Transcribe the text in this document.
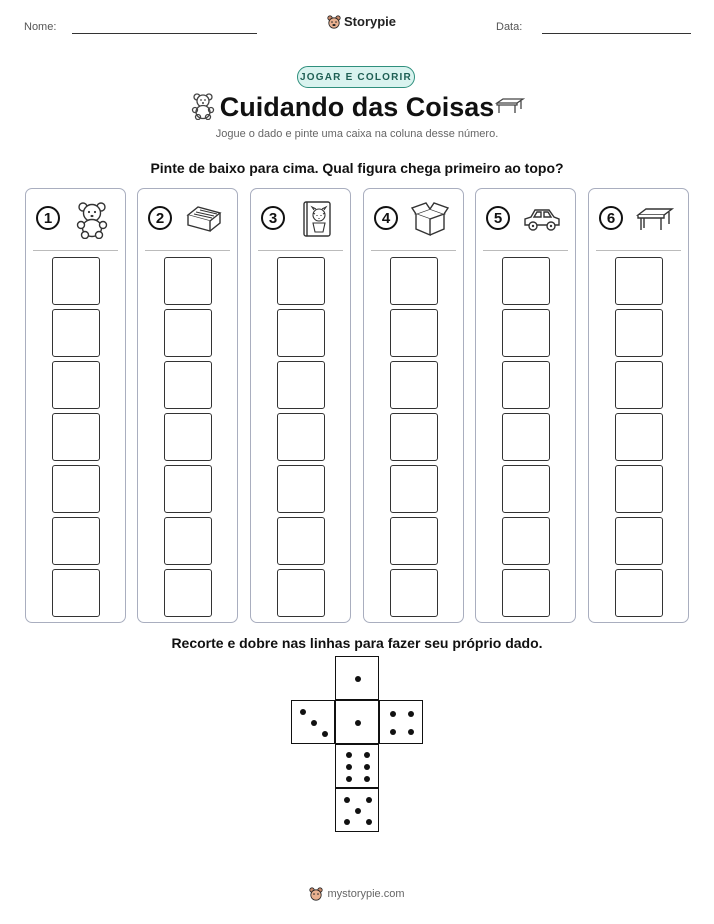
Nome:	Storypie	Data:
JOGAR E COLORIR
Cuidando das Coisas
Jogue o dado e pinte uma caixa na coluna desse número.
Pinte de baixo para cima. Qual figura chega primeiro ao topo?
1	2	3	4	5	6
Recorte e dobre nas linhas para fazer seu próprio dado.
mystorypie.com
